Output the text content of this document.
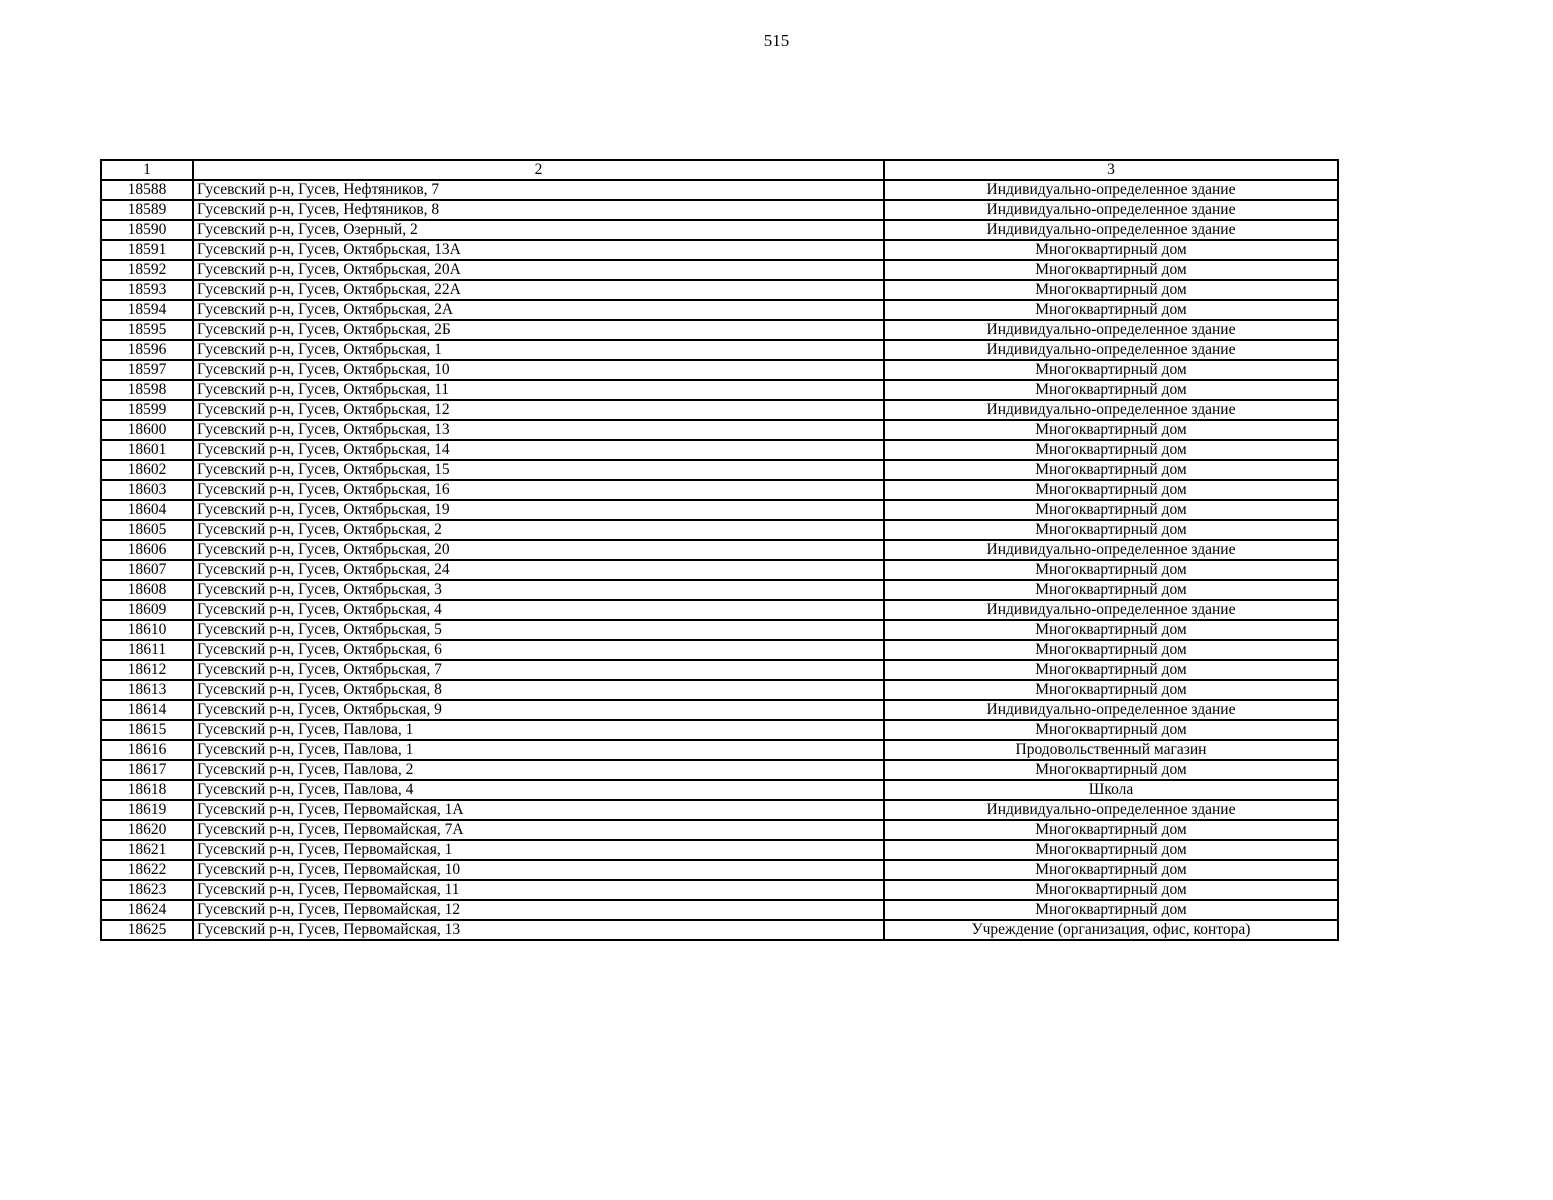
515
1	2	3
18588	Гусевский р-н, Гусев, Нефтяников, 7	Индивидуально-определенное здание
18589	Гусевский р-н, Гусев, Нефтяников, 8	Индивидуально-определенное здание
18590	Гусевский р-н, Гусев, Озерный, 2	Индивидуально-определенное здание
18591	Гусевский р-н, Гусев, Октябрьская, 13А	Многоквартирный дом
18592	Гусевский р-н, Гусев, Октябрьская, 20А	Многоквартирный дом
18593	Гусевский р-н, Гусев, Октябрьская, 22А	Многоквартирный дом
18594	Гусевский р-н, Гусев, Октябрьская, 2А	Многоквартирный дом
18595	Гусевский р-н, Гусев, Октябрьская, 2Б	Индивидуально-определенное здание
18596	Гусевский р-н, Гусев, Октябрьская, 1	Индивидуально-определенное здание
18597	Гусевский р-н, Гусев, Октябрьская, 10	Многоквартирный дом
18598	Гусевский р-н, Гусев, Октябрьская, 11	Многоквартирный дом
18599	Гусевский р-н, Гусев, Октябрьская, 12	Индивидуально-определенное здание
18600	Гусевский р-н, Гусев, Октябрьская, 13	Многоквартирный дом
18601	Гусевский р-н, Гусев, Октябрьская, 14	Многоквартирный дом
18602	Гусевский р-н, Гусев, Октябрьская, 15	Многоквартирный дом
18603	Гусевский р-н, Гусев, Октябрьская, 16	Многоквартирный дом
18604	Гусевский р-н, Гусев, Октябрьская, 19	Многоквартирный дом
18605	Гусевский р-н, Гусев, Октябрьская, 2	Многоквартирный дом
18606	Гусевский р-н, Гусев, Октябрьская, 20	Индивидуально-определенное здание
18607	Гусевский р-н, Гусев, Октябрьская, 24	Многоквартирный дом
18608	Гусевский р-н, Гусев, Октябрьская, 3	Многоквартирный дом
18609	Гусевский р-н, Гусев, Октябрьская, 4	Индивидуально-определенное здание
18610	Гусевский р-н, Гусев, Октябрьская, 5	Многоквартирный дом
18611	Гусевский р-н, Гусев, Октябрьская, 6	Многоквартирный дом
18612	Гусевский р-н, Гусев, Октябрьская, 7	Многоквартирный дом
18613	Гусевский р-н, Гусев, Октябрьская, 8	Многоквартирный дом
18614	Гусевский р-н, Гусев, Октябрьская, 9	Индивидуально-определенное здание
18615	Гусевский р-н, Гусев, Павлова, 1	Многоквартирный дом
18616	Гусевский р-н, Гусев, Павлова, 1	Продовольственный магазин
18617	Гусевский р-н, Гусев, Павлова, 2	Многоквартирный дом
18618	Гусевский р-н, Гусев, Павлова, 4	Школа
18619	Гусевский р-н, Гусев, Первомайская, 1А	Индивидуально-определенное здание
18620	Гусевский р-н, Гусев, Первомайская, 7А	Многоквартирный дом
18621	Гусевский р-н, Гусев, Первомайская, 1	Многоквартирный дом
18622	Гусевский р-н, Гусев, Первомайская, 10	Многоквартирный дом
18623	Гусевский р-н, Гусев, Первомайская, 11	Многоквартирный дом
18624	Гусевский р-н, Гусев, Первомайская, 12	Многоквартирный дом
18625	Гусевский р-н, Гусев, Первомайская, 13	Учреждение (организация, офис, контора)
